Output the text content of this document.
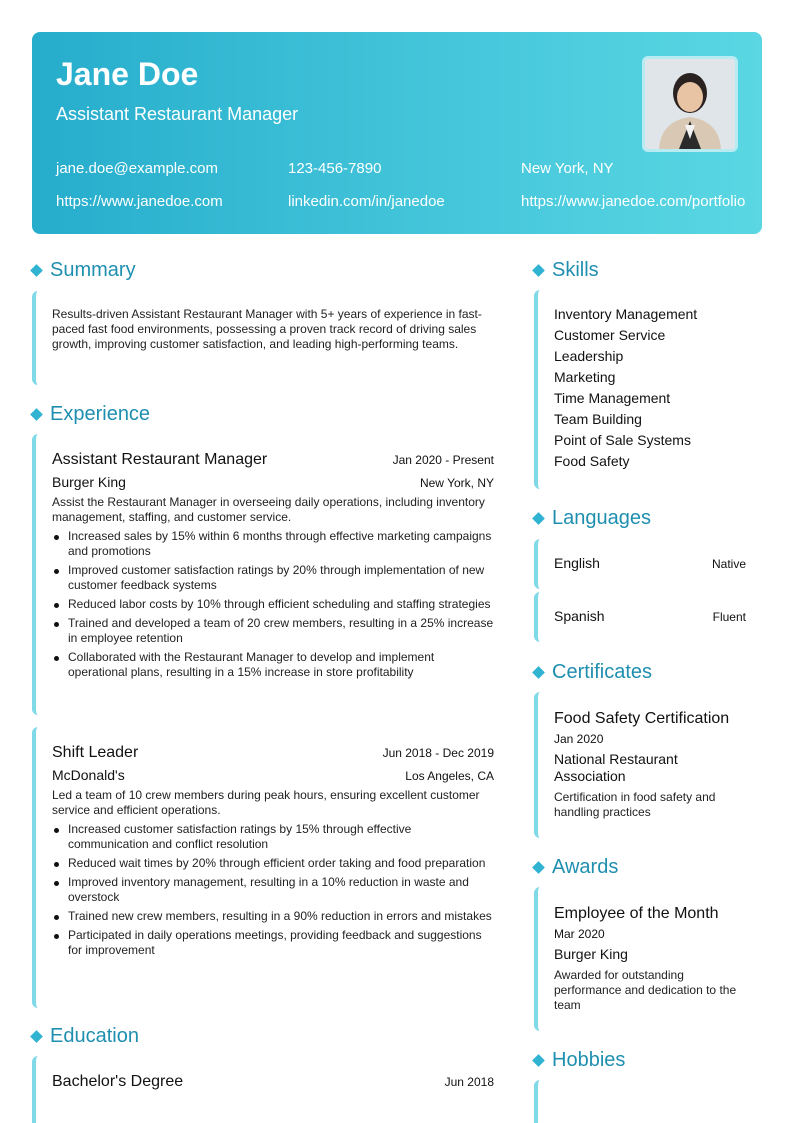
Jane Doe
Assistant Restaurant Manager
jane.doe@example.com	123-456-7890	New York, NY
https://www.janedoe.com	linkedin.com/in/janedoe	https://www.janedoe.com/portfolio
Summary
Results-driven Assistant Restaurant Manager with 5+ years of experience in fast-paced fast food environments, possessing a proven track record of driving sales growth, improving customer satisfaction, and leading high-performing teams.
Experience
Assistant Restaurant Manager	Jan 2020 - Present
Burger King	New York, NY
Assist the Restaurant Manager in overseeing daily operations, including inventory management, staffing, and customer service.
Increased sales by 15% within 6 months through effective marketing campaigns and promotions
Improved customer satisfaction ratings by 20% through implementation of new customer feedback systems
Reduced labor costs by 10% through efficient scheduling and staffing strategies
Trained and developed a team of 20 crew members, resulting in a 25% increase in employee retention
Collaborated with the Restaurant Manager to develop and implement operational plans, resulting in a 15% increase in store profitability
Shift Leader	Jun 2018 - Dec 2019
McDonald's	Los Angeles, CA
Led a team of 10 crew members during peak hours, ensuring excellent customer service and efficient operations.
Increased customer satisfaction ratings by 15% through effective communication and conflict resolution
Reduced wait times by 20% through efficient order taking and food preparation
Improved inventory management, resulting in a 10% reduction in waste and overstock
Trained new crew members, resulting in a 90% reduction in errors and mistakes
Participated in daily operations meetings, providing feedback and suggestions for improvement
Education
Bachelor's Degree	Jun 2018
Skills
Inventory Management
Customer Service
Leadership
Marketing
Time Management
Team Building
Point of Sale Systems
Food Safety
Languages
English	Native
Spanish	Fluent
Certificates
Food Safety Certification
Jan 2020
National Restaurant Association
Certification in food safety and handling practices
Awards
Employee of the Month
Mar 2020
Burger King
Awarded for outstanding performance and dedication to the team
Hobbies
